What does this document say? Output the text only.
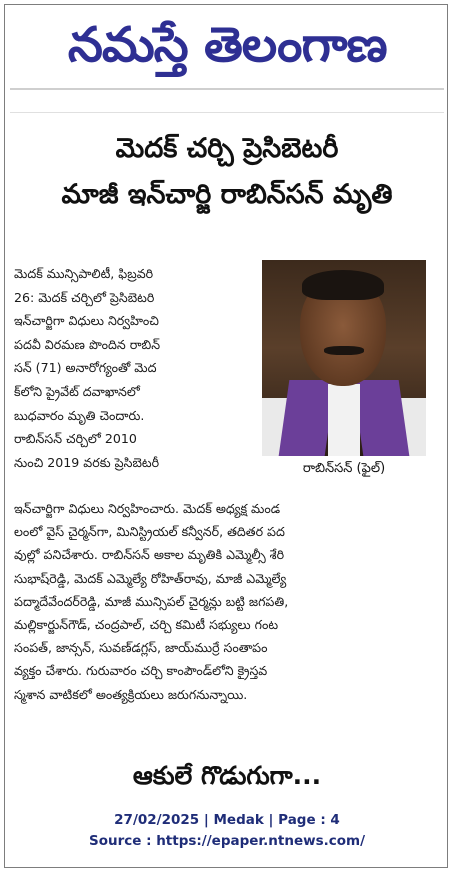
నమస్తే తెలంగాణ
మెదక్ చర్చి ప్రెసిబెటరీ
మాజీ ఇన్‌చార్జి రాబిన్‌సన్ మృతి
మెదక్ మున్సిపాలిటీ, ఫిబ్రవరి
26: మెదక్ చర్చిలో ప్రెసిబెటరి
ఇన్‌చార్జిగా విధులు నిర్వహించి
పదవీ విరమణ పొందిన రాబిన్
సన్ (71) అనారోగ్యంతో మెద
క్‌లోని ప్రైవేట్ దవాఖానలో
బుధవారం మృతి చెందారు.
రాబిన్‌సన్ చర్చిలో 2010
నుంచి 2019 వరకు ప్రెసిబెటరీ	రాబిన్‌సన్ (ఫైల్)
ఇన్‌చార్జిగా విధులు నిర్వహించారు. మెదక్ అధ్యక్ష మండ
లంలో వైస్ చైర్మన్‌గా, మినిస్ట్రియల్ కన్వీనర్, తదితర పద
వుల్లో పనిచేశారు. రాబిన్‌సన్ అకాల మృతికి ఎమ్మెల్సీ శేరి
సుభాష్‌రెడ్డి, మెదక్ ఎమ్మెల్యే రోహిత్‌రావు, మాజీ ఎమ్మెల్యే
పద్మాదేవేందర్‌రెడ్డి, మాజీ మున్సిపల్ చైర్మన్లు బట్టి జగపతి,
మల్లికార్జున్‌గౌడ్, చంద్రపాల్, చర్చి కమిటీ సభ్యులు గంట
సంపత్, జాన్సన్, సువణ్‌డగ్లస్, జాయ్‌ముర్రే సంతాపం
వ్యక్తం చేశారు. గురువారం చర్చి కాంపౌండ్‌లోని క్రైస్తవ
స్మశాన వాటికలో అంత్యక్రియలు జరుగనున్నాయి.
ఆకులే గొడుగుగా...
27/02/2025 | Medak | Page : 4
Source : https://epaper.ntnews.com/
